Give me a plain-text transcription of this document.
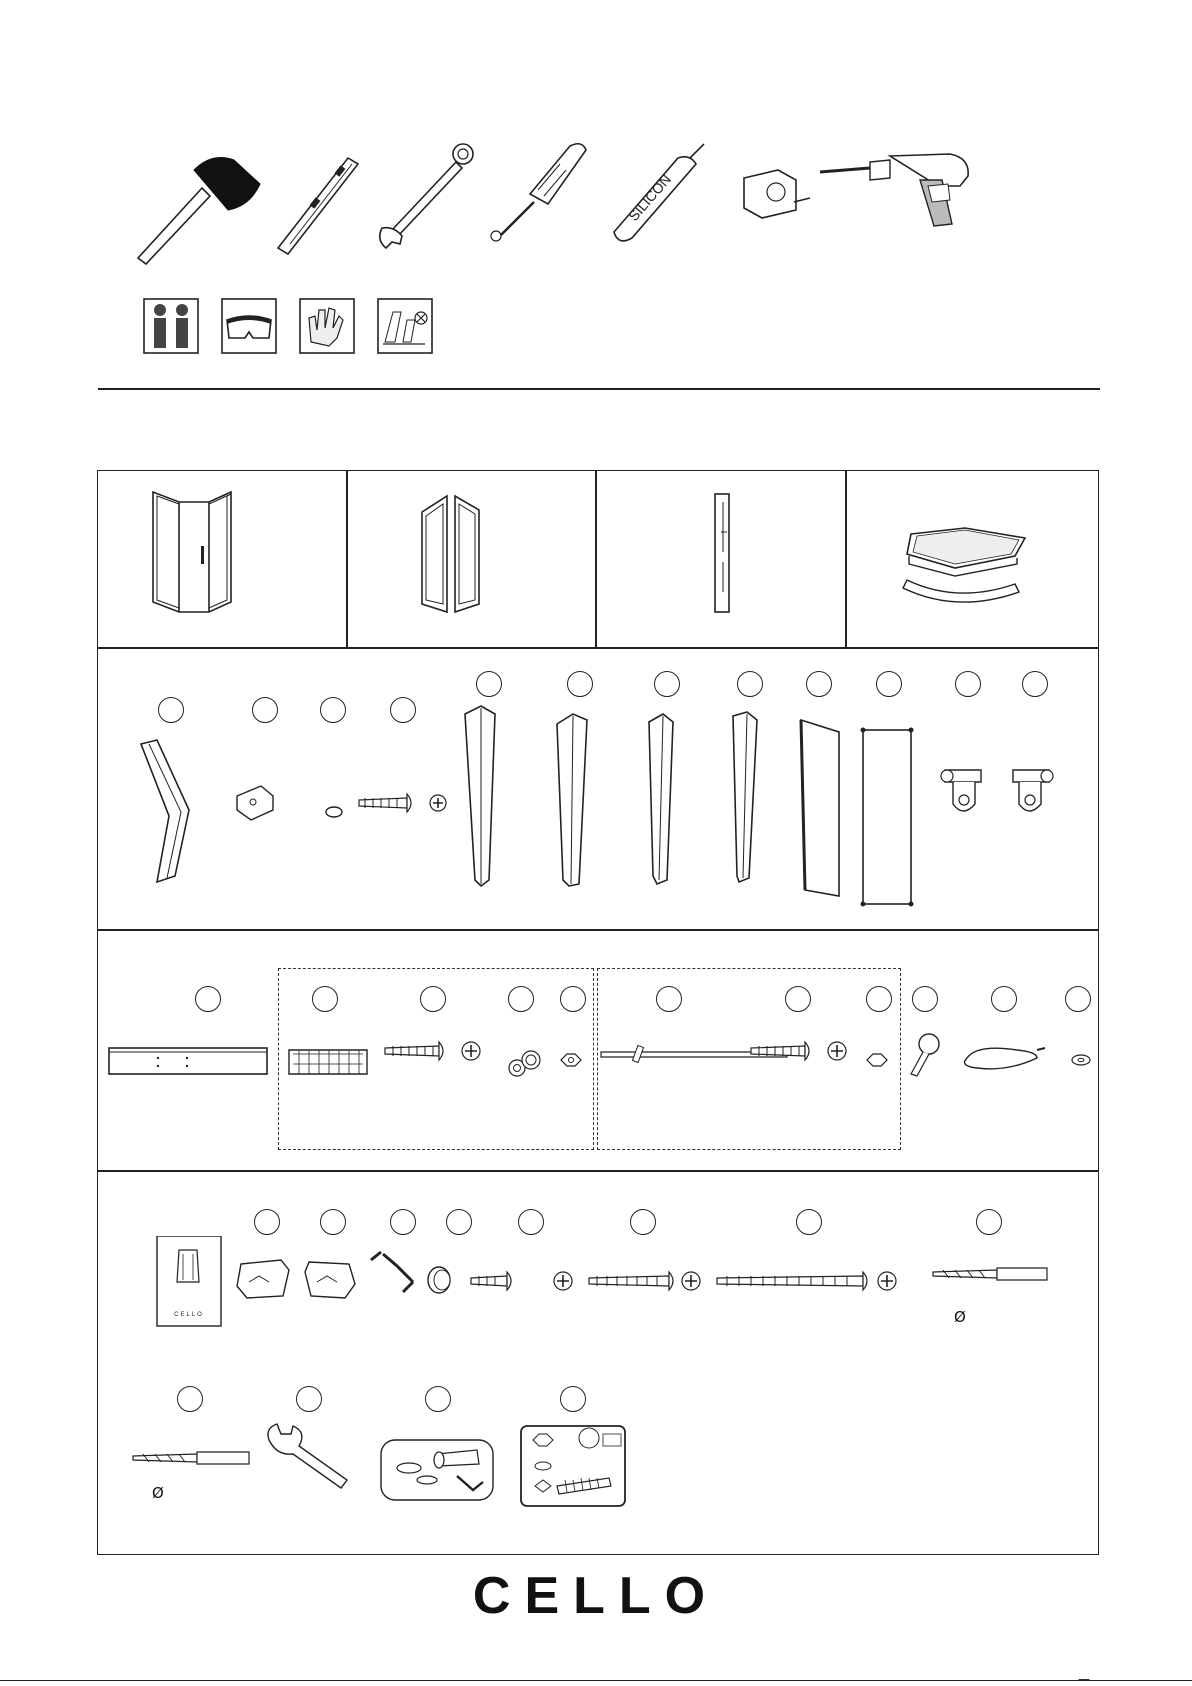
SILICON
CELLO	Ø
Ø
CELLO
—
